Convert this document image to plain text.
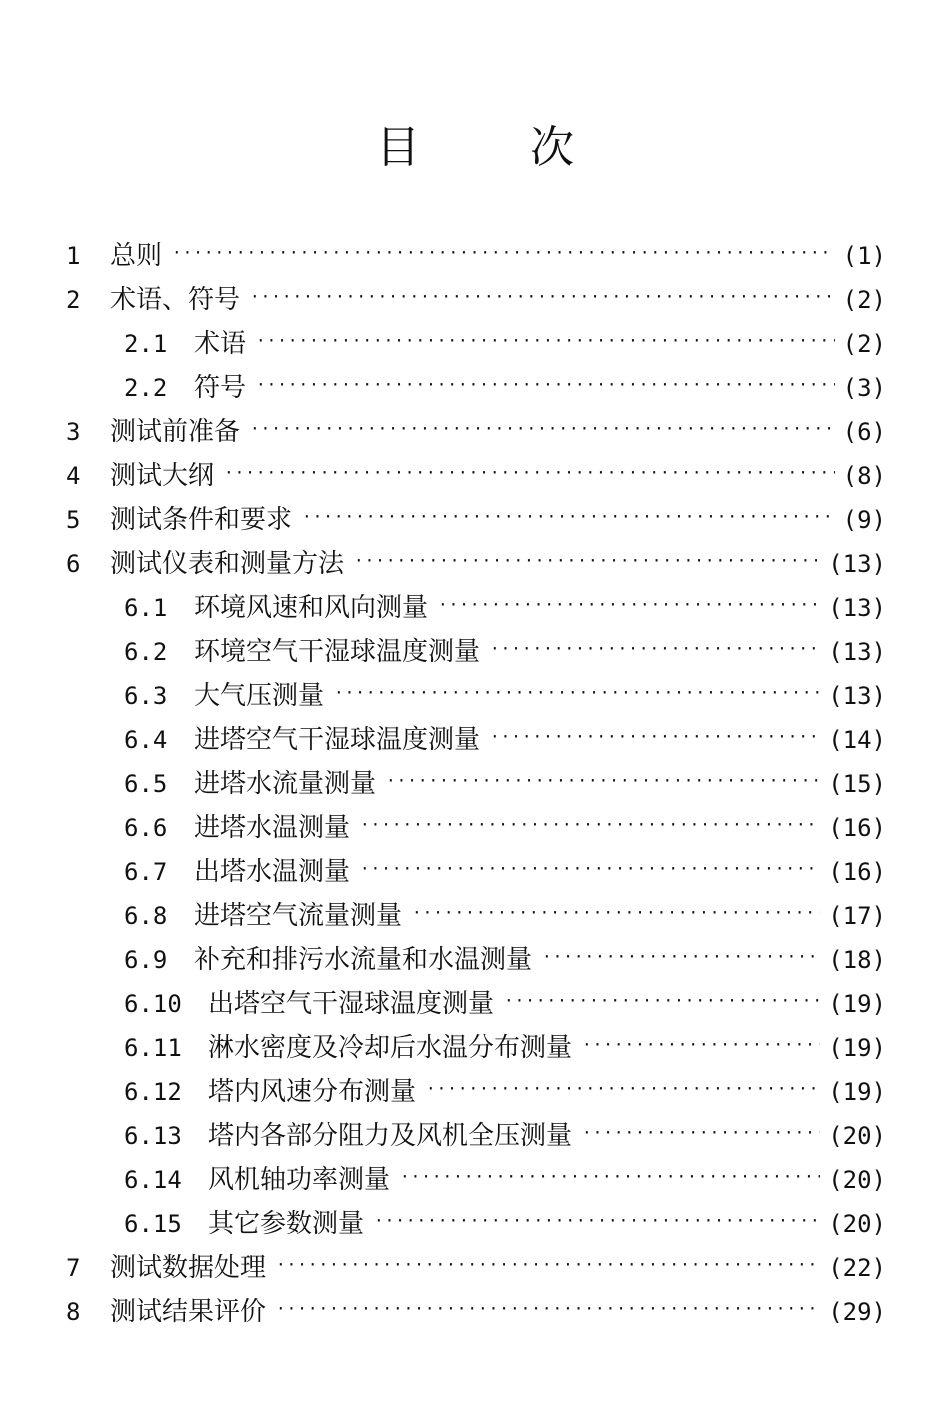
目	次
1	总则 ·····	(1)
2	术语、符号 ·····	(2)
2.1	术语 ·····	(2)
2.2	符号 ·····	(3)
3	测试前准备 ·····	(6)
4	测试大纲 ·····	(8)
5	测试条件和要求 ·····	(9)
6	测试仪表和测量方法 ·····	(13)
6.1	环境风速和风向测量 ·····	(13)
6.2	环境空气干湿球温度测量 ·····	(13)
6.3	大气压测量 ·····	(13)
6.4	进塔空气干湿球温度测量 ·····	(14)
6.5	进塔水流量测量 ·····	(15)
6.6	进塔水温测量 ·····	(16)
6.7	出塔水温测量 ·····	(16)
6.8	进塔空气流量测量 ·····	(17)
6.9	补充和排污水流量和水温测量 ·····	(18)
6.10	出塔空气干湿球温度测量 ·····	(19)
6.11	淋水密度及冷却后水温分布测量 ·····	(19)
6.12	塔内风速分布测量 ·····	(19)
6.13	塔内各部分阻力及风机全压测量 ·····	(20)
6.14	风机轴功率测量 ·····	(20)
6.15	其它参数测量 ·····	(20)
7	测试数据处理 ·····	(22)
8	测试结果评价 ·····	(29)
